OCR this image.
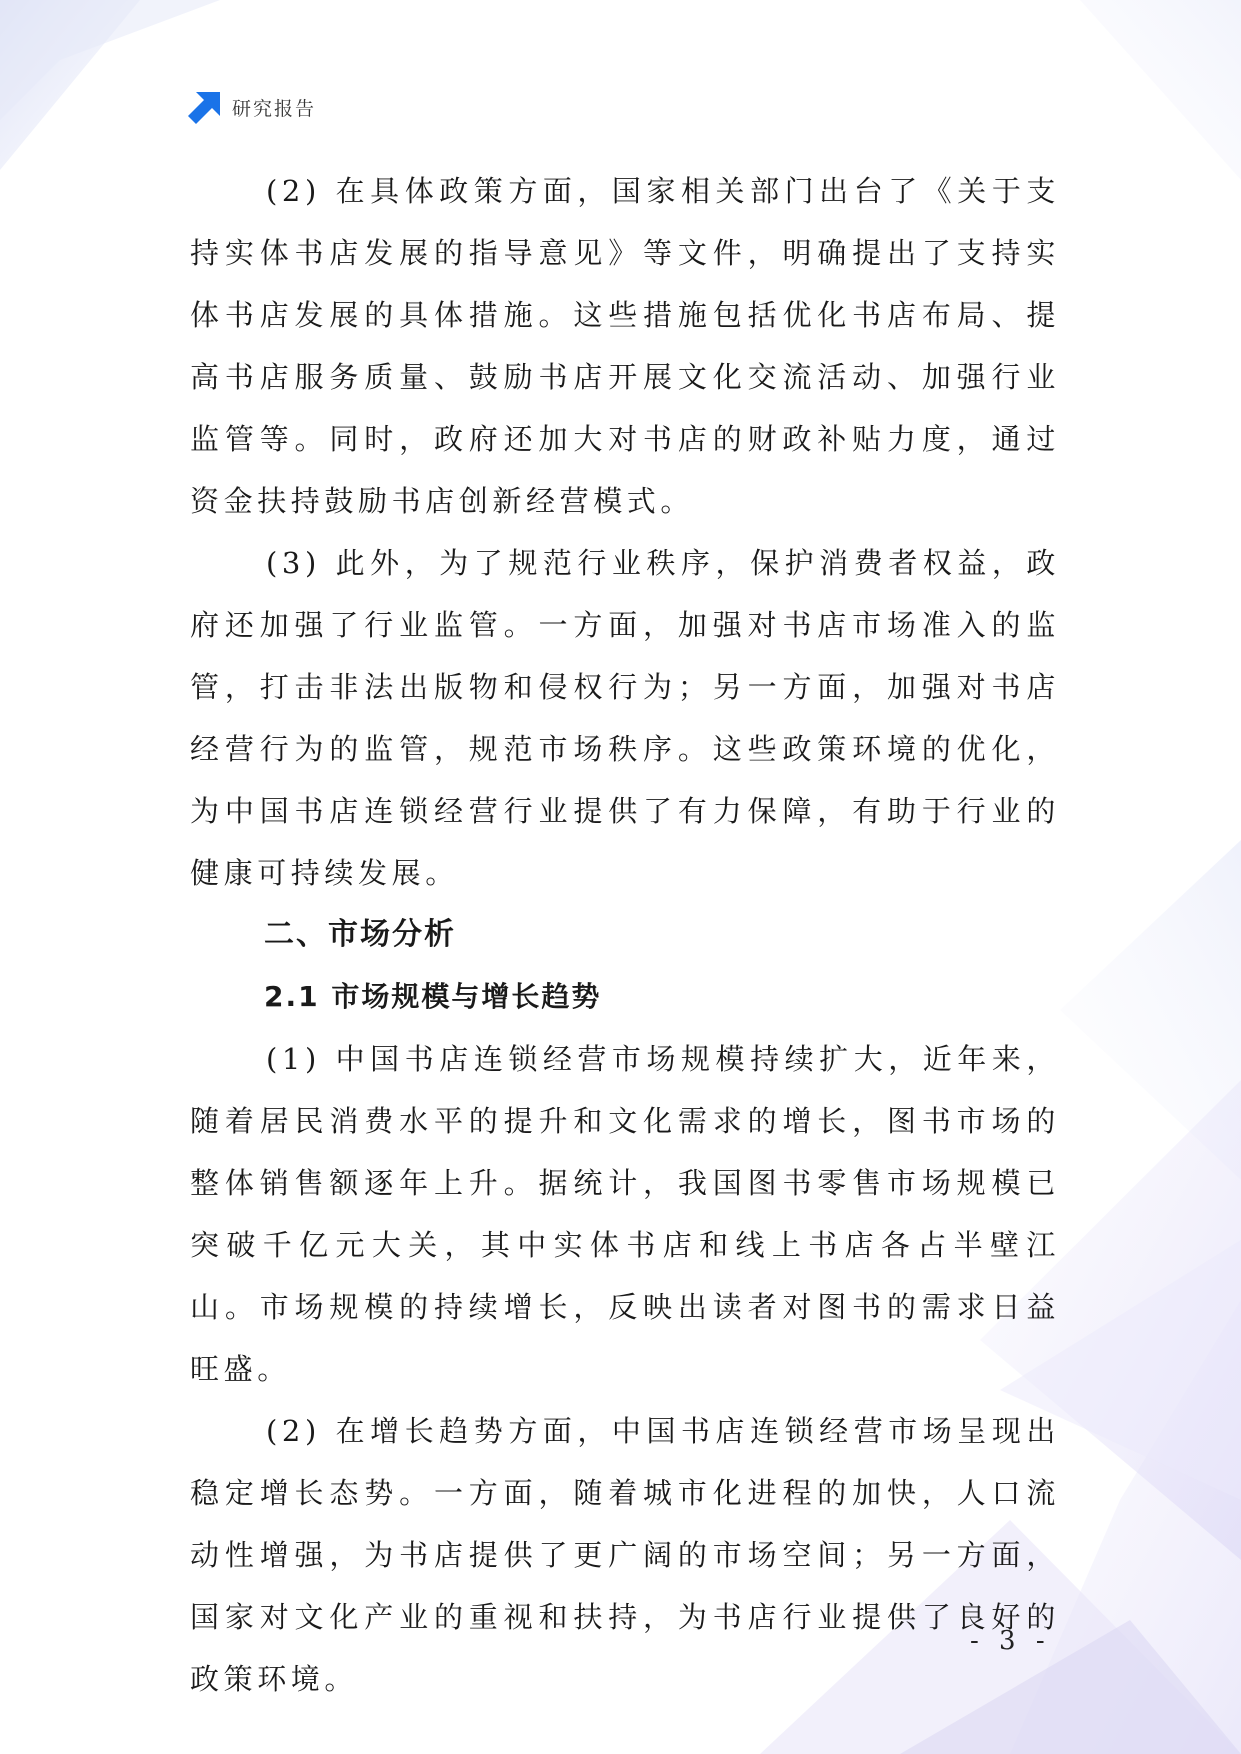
研究报告

(2) 在具体政策方面，国家相关部门出台了《关于支持实体书店发展的指导意见》等文件，明确提出了支持实体书店发展的具体措施。这些措施包括优化书店布局、提高书店服务质量、鼓励书店开展文化交流活动、加强行业监管等。同时，政府还加大对书店的财政补贴力度，通过资金扶持鼓励书店创新经营模式。

(3) 此外，为了规范行业秩序，保护消费者权益，政府还加强了行业监管。一方面，加强对书店市场准入的监管，打击非法出版物和侵权行为；另一方面，加强对书店经营行为的监管，规范市场秩序。这些政策环境的优化，为中国书店连锁经营行业提供了有力保障，有助于行业的健康可持续发展。

二、市场分析
2.1 市场规模与增长趋势

(1) 中国书店连锁经营市场规模持续扩大，近年来，随着居民消费水平的提升和文化需求的增长，图书市场的整体销售额逐年上升。据统计，我国图书零售市场规模已突破千亿元大关，其中实体书店和线上书店各占半壁江山。市场规模的持续增长，反映出读者对图书的需求日益旺盛。

(2) 在增长趋势方面，中国书店连锁经营市场呈现出稳定增长态势。一方面，随着城市化进程的加快，人口流动性增强，为书店提供了更广阔的市场空间；另一方面，国家对文化产业的重视和扶持，为书店行业提供了良好的政策环境。

- 3 -
